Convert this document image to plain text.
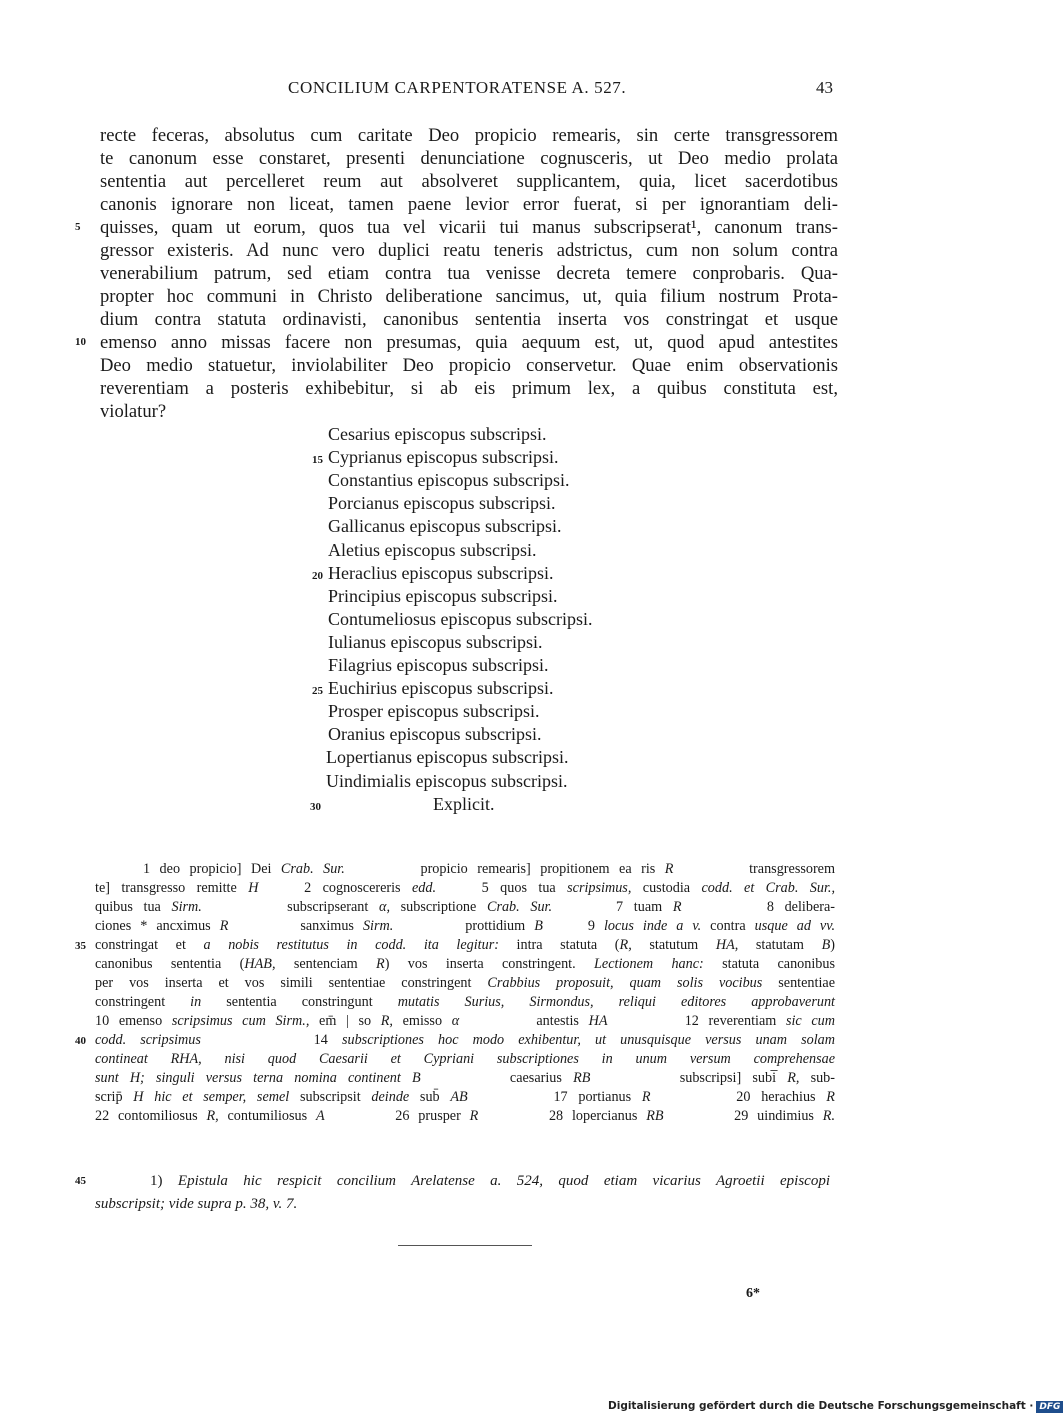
CONCILIUM CARPENTORATENSE A. 527.	43
recte feceras, absolutus cum caritate Deo propicio remearis, sin certe transgressorem
te canonum esse constaret, presenti denunciatione cognusceris, ut Deo medio prolata
sententia aut percelleret reum aut absolveret supplicantem, quia, licet sacerdotibus
canonis ignorare non liceat, tamen paene levior error fuerat, si per ignorantiam deli-
quisses, quam ut eorum, quos tua vel vicarii tui manus subscripserat¹, canonum trans-
5
gressor existeris. Ad nunc vero duplici reatu teneris adstrictus, cum non solum contra
venerabilium patrum, sed etiam contra tua venisse decreta temere conprobaris. Qua-
propter hoc communi in Christo deliberatione sancimus, ut, quia filium nostrum Prota-
dium contra statuta ordinavisti, canonibus sententia inserta vos constringat et usque
emenso anno missas facere non presumas, quia aequum est, ut, quod apud antestites
10
Deo medio statuetur, inviolabiliter Deo propicio conservetur. Quae enim observationis
reverentiam a posteris exhibebitur, si ab eis primum lex, a quibus constituta est,
violatur?
Cesarius episcopus subscripsi.
Cyprianus episcopus subscripsi.
15
Constantius episcopus subscripsi.
Porcianus episcopus subscripsi.
Gallicanus episcopus subscripsi.
Aletius episcopus subscripsi.
Heraclius episcopus subscripsi.
20
Principius episcopus subscripsi.
Contumeliosus episcopus subscripsi.
Iulianus episcopus subscripsi.
Filagrius episcopus subscripsi.
Euchirius episcopus subscripsi.
25
Prosper episcopus subscripsi.
Oranius episcopus subscripsi.
Lopertianus episcopus subscripsi.
Uindimialis episcopus subscripsi.
Explicit.
30
1 deo propicio] Dei Crab. Sur.        propicio remearis] propitionem ea ris R        transgressorem
te] transgresso remitte H    2 cognoscereris edd.    5 quos tua scripsimus, custodia codd. et Crab. Sur.,
quibus tua Sirm.        subscripserant α, subscriptione Crab. Sur.      7 tuam R        8 delibera-
ciones * ancximus R        sanximus Sirm.        prottidium B     9 locus inde a v. contra usque ad vv.
constringat et a nobis restitutus in codd. ita legitur: intra statuta (R, statutum HA, statutam B)
35
canonibus sententia (HAB, sentenciam R) vos inserta constringent. Lectionem hanc: statuta canonibus
per vos inserta et vos simili sententiae constringent Crabbius proposuit, quam solis vocibus sententiae
constringent in sententia constringunt mutatis Surius, Sirmondus, reliqui editores approbaverunt
10 emenso scripsimus cum Sirm., em̄ | so R, emisso α        antestis HA        12 reverentiam sic cum
codd. scripsimus        14 subscriptiones hoc modo exhibentur, ut unusquisque versus unam solam
40
contineat RHA, nisi quod Caesarii et Cypriani subscriptiones in unum versum comprehensae
sunt H; singuli versus terna nomina continent B        caesarius RB        subscripsi] subi̅ R, sub-
scrip̄ H hic et semper, semel subscripsit deinde sub̄ AB        17 portianus R        20 herachius R
22 contomiliosus R, contumiliosus A        26 prusper R        28 lopercianus RB        29 uindimius R.
1) Epistula hic respicit concilium Arelatense a. 524, quod etiam vicarius Agroetii episcopi
subscripsit; vide supra p. 38, v. 7.
45
6*
Digitalisierung gefördert durch die Deutsche Forschungsgemeinschaft · DFG
